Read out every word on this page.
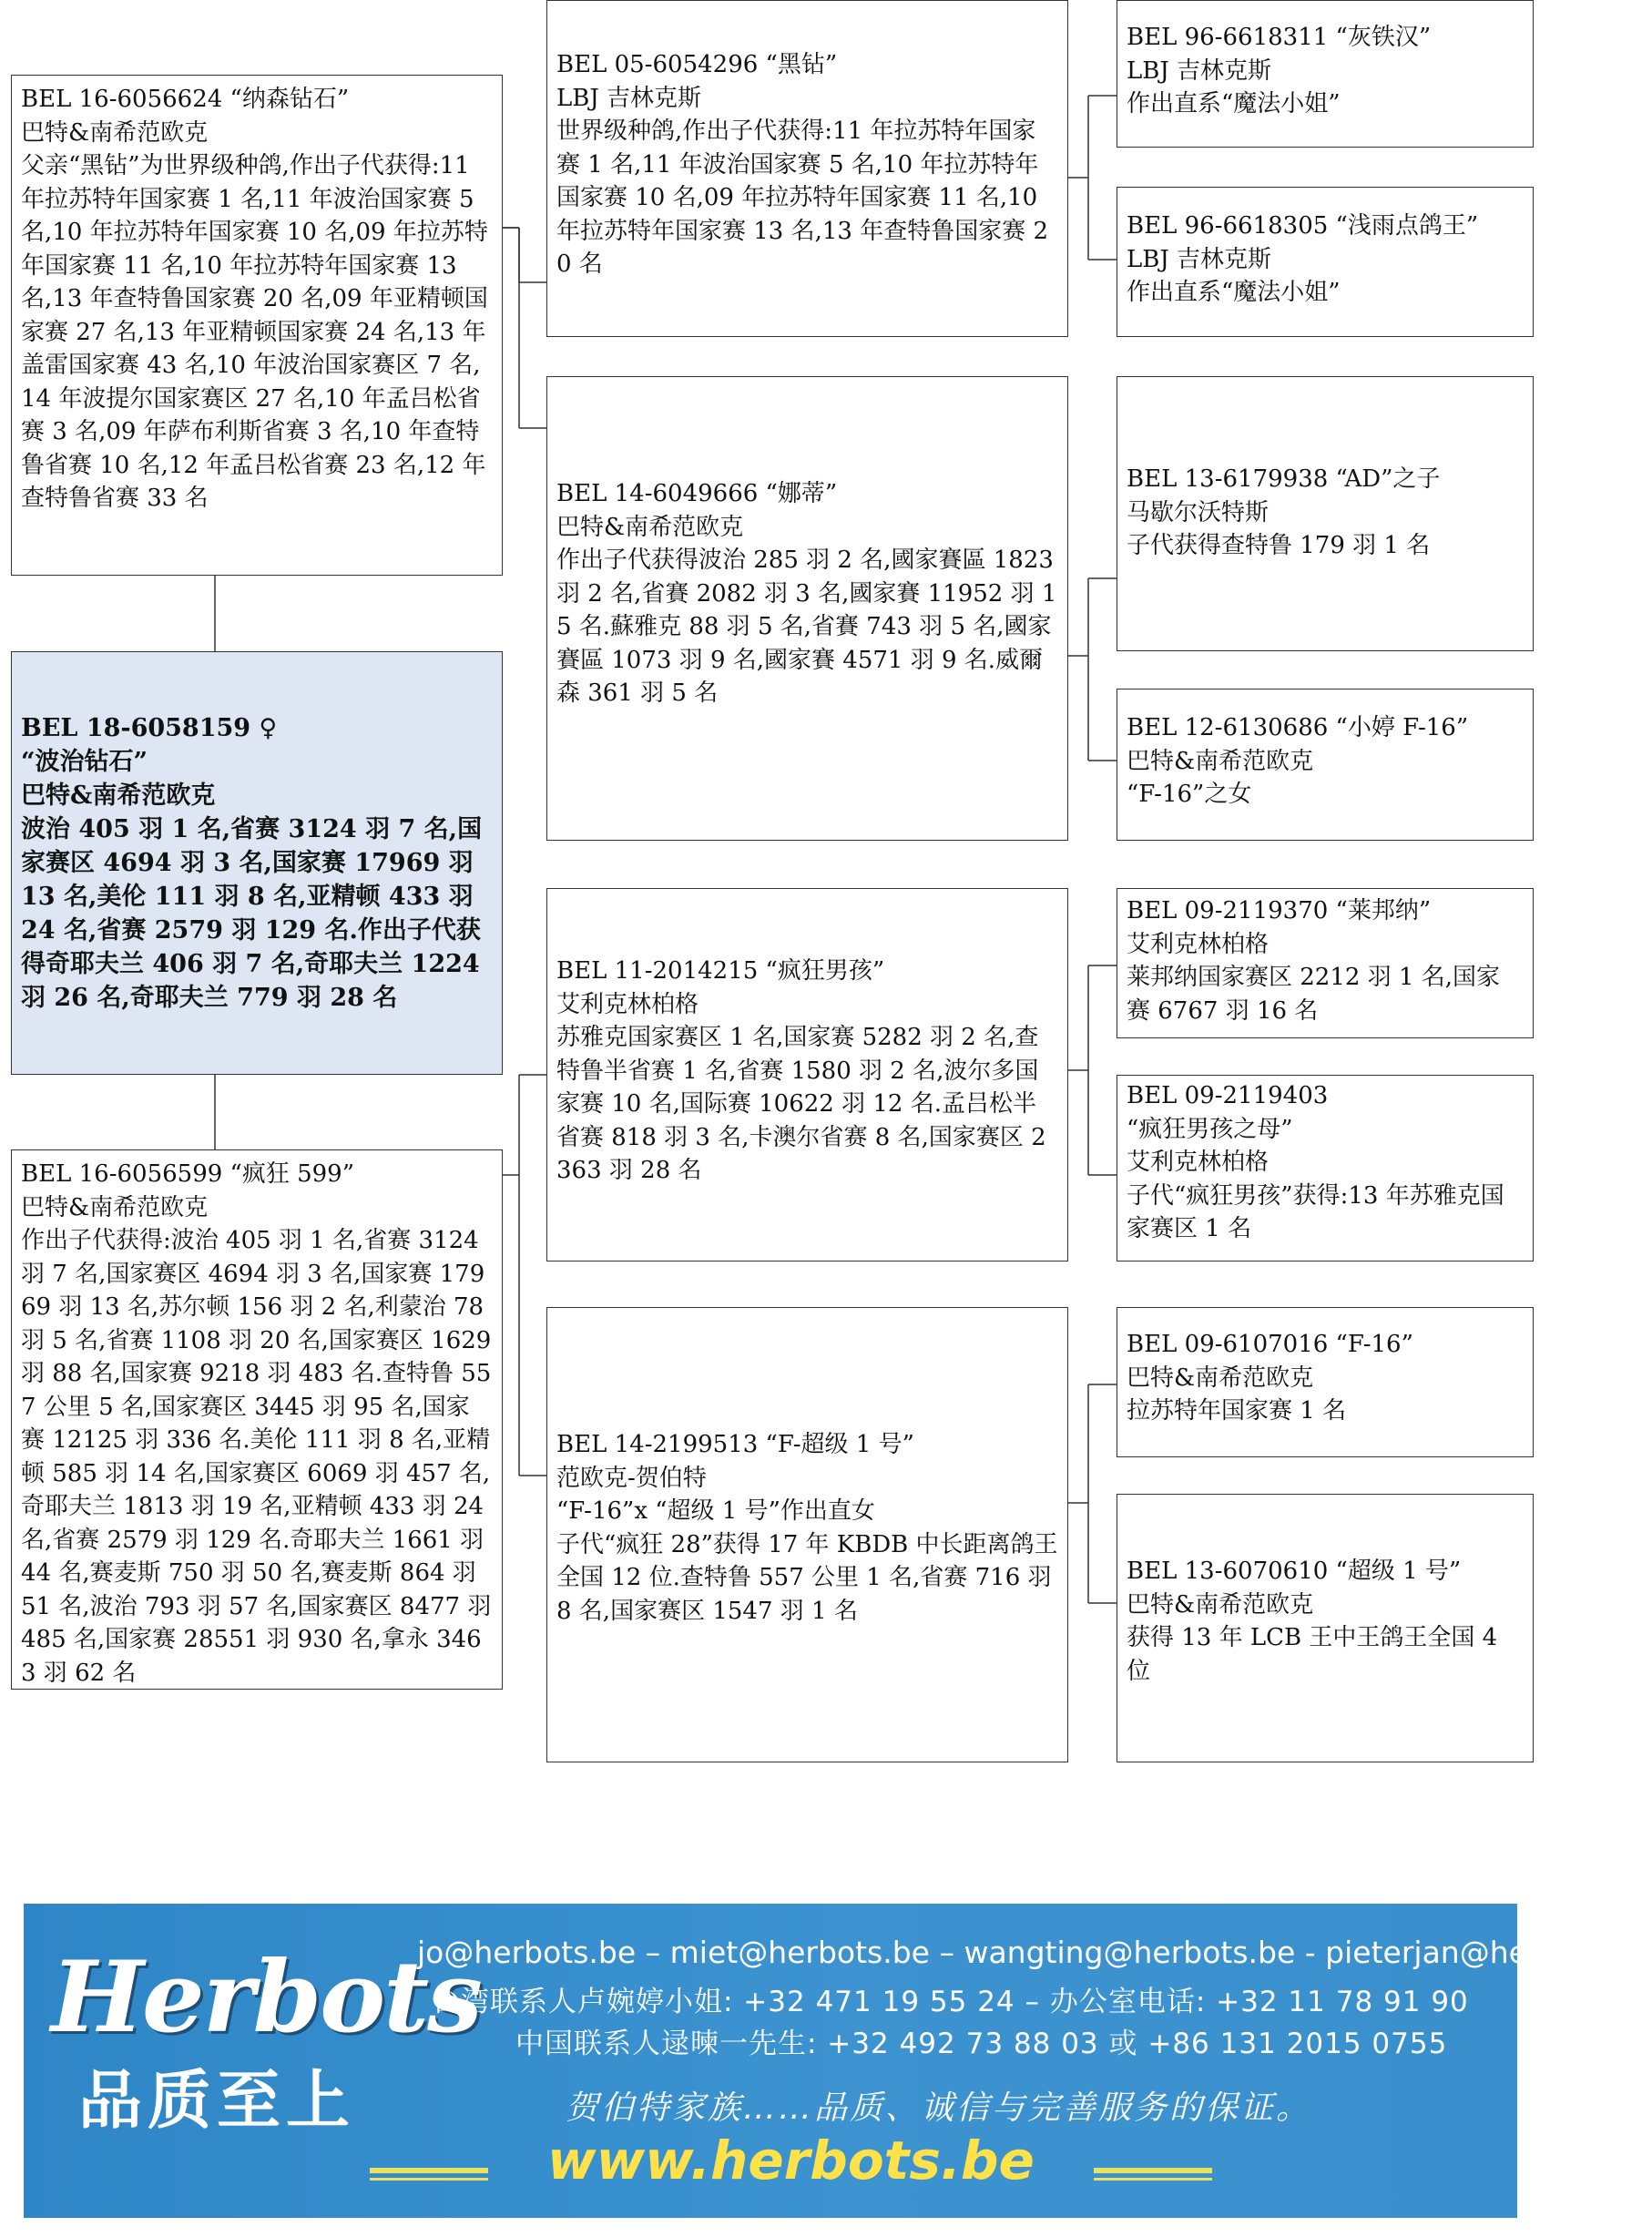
BEL 16-6056624 “纳森钻石”
巴特&南希范欧克
父亲“黑钻”为世界级种鸽,作出子代获得:11 年拉苏特年国家赛 1 名,11 年波治国家赛 5 名,10 年拉苏特年国家赛 10 名,09 年拉苏特年国家赛 11 名,10 年拉苏特年国家赛 13 名,13 年查特鲁国家赛 20 名,09 年亚精顿国家赛 27 名,13 年亚精顿国家赛 24 名,13 年盖雷国家赛 43 名,10 年波治国家赛区 7 名,14 年波提尔国家赛区 27 名,10 年孟吕松省赛 3 名,09 年萨布利斯省赛 3 名,10 年查特鲁省赛 10 名,12 年孟吕松省赛 23 名,12 年查特鲁省赛 33 名
BEL 18-6058159 ♀
“波治钻石”
巴特&南希范欧克
波治 405 羽 1 名,省赛 3124 羽 7 名,国家赛区 4694 羽 3 名,国家赛 17969 羽 13 名,美伦 111 羽 8 名,亚精顿 433 羽 24 名,省赛 2579 羽 129 名.作出子代获得奇耶夫兰 406 羽 7 名,奇耶夫兰 1224 羽 26 名,奇耶夫兰 779 羽 28 名
BEL 16-6056599 “疯狂 599”
巴特&南希范欧克
作出子代获得:波治 405 羽 1 名,省赛 3124 羽 7 名,国家赛区 4694 羽 3 名,国家赛 17969 羽 13 名,苏尔顿 156 羽 2 名,利蒙治 78 羽 5 名,省赛 1108 羽 20 名,国家赛区 1629 羽 88 名,国家赛 9218 羽 483 名.查特鲁 557 公里 5 名,国家赛区 3445 羽 95 名,国家赛 12125 羽 336 名.美伦 111 羽 8 名,亚精顿 585 羽 14 名,国家赛区 6069 羽 457 名,奇耶夫兰 1813 羽 19 名,亚精顿 433 羽 24 名,省赛 2579 羽 129 名.奇耶夫兰 1661 羽 44 名,赛麦斯 750 羽 50 名,赛麦斯 864 羽 51 名,波治 793 羽 57 名,国家赛区 8477 羽 485 名,国家赛 28551 羽 930 名,拿永 3463 羽 62 名
BEL 05-6054296 “黑钻”
LBJ 吉林克斯
世界级种鸽,作出子代获得:11 年拉苏特年国家赛 1 名,11 年波治国家赛 5 名,10 年拉苏特年国家赛 10 名,09 年拉苏特年国家赛 11 名,10 年拉苏特年国家赛 13 名,13 年查特鲁国家赛 20 名
BEL 14-6049666 “娜蒂”
巴特&南希范欧克
作出子代获得波治 285 羽 2 名,國家賽區 1823 羽 2 名,省賽 2082 羽 3 名,國家賽 11952 羽 15 名.蘇雅克 88 羽 5 名,省賽 743 羽 5 名,國家賽區 1073 羽 9 名,國家賽 4571 羽 9 名.威爾森 361 羽 5 名
BEL 11-2014215 “疯狂男孩”
艾利克林柏格
苏雅克国家赛区 1 名,国家赛 5282 羽 2 名,查特鲁半省赛 1 名,省赛 1580 羽 2 名,波尔多国家赛 10 名,国际赛 10622 羽 12 名.孟吕松半省赛 818 羽 3 名,卡澳尔省赛 8 名,国家赛区 2363 羽 28 名
BEL 14-2199513 “F-超级 1 号”
范欧克-贺伯特
“F-16”x “超级 1 号”作出直女
子代“疯狂 28”获得 17 年 KBDB 中长距离鸽王全国 12 位.查特鲁 557 公里 1 名,省赛 716 羽 8 名,国家赛区 1547 羽 1 名
BEL 96-6618311 “灰铁汉”
LBJ 吉林克斯
作出直系“魔法小姐”
BEL 96-6618305 “浅雨点鸽王”
LBJ 吉林克斯
作出直系“魔法小姐”
BEL 13-6179938 “AD”之子
马歇尔沃特斯
子代获得查特鲁 179 羽 1 名
BEL 12-6130686 “小婷 F-16”
巴特&南希范欧克
“F-16”之女
BEL 09-2119370 “莱邦纳”
艾利克林柏格
莱邦纳国家赛区 2212 羽 1 名,国家赛 6767 羽 16 名
BEL 09-2119403
“疯狂男孩之母”
艾利克林柏格
子代“疯狂男孩”获得:13 年苏雅克国家赛区 1 名
BEL 09-6107016 “F-16”
巴特&南希范欧克
拉苏特年国家赛 1 名
BEL 13-6070610 “超级 1 号”
巴特&南希范欧克
获得 13 年 LCB 王中王鸽王全国 4 位
Herbots
品质至上
jo@herbots.be – miet@herbots.be – wangting@herbots.be - pieterjan@herbots.be
台湾联系人卢婉婷小姐: +32 471 19 55 24 – 办公室电话: +32 11 78 91 90
中国联系人逯暕一先生: +32 492 73 88 03 或 +86 131 2015 0755
贺伯特家族……品质、诚信与完善服务的保证。
www.herbots.be
